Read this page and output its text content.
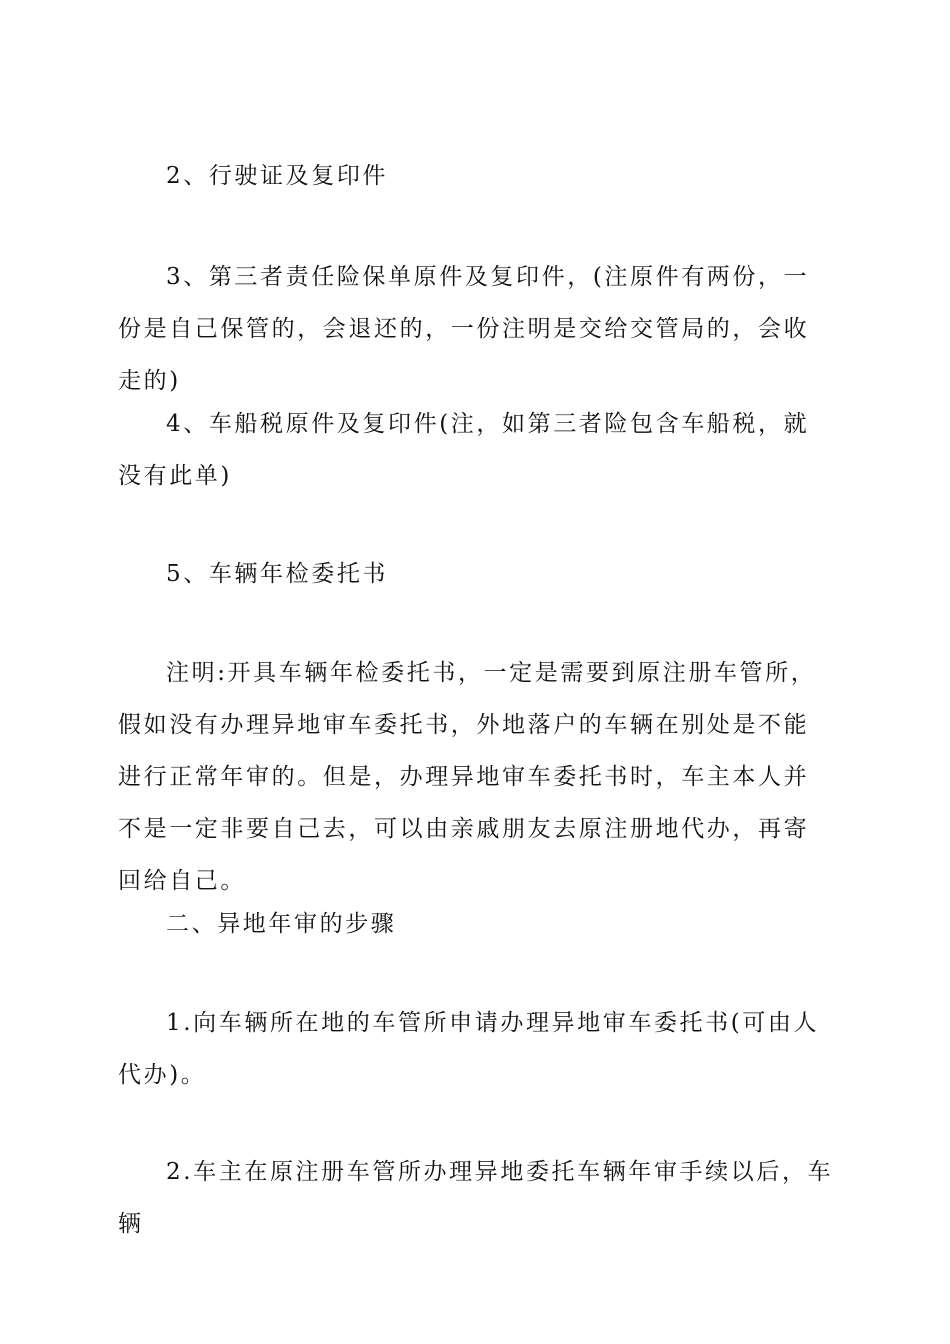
2、行驶证及复印件

3、第三者责任险保单原件及复印件，(注原件有两份，一份是自己保管的，会退还的，一份注明是交给交管局的，会收走的)

4、车船税原件及复印件(注，如第三者险包含车船税，就没有此单)

5、车辆年检委托书

注明:开具车辆年检委托书，一定是需要到原注册车管所，假如没有办理异地审车委托书，外地落户的车辆在别处是不能进行正常年审的。但是，办理异地审车委托书时，车主本人并不是一定非要自己去，可以由亲戚朋友去原注册地代办，再寄回给自己。

二、异地年审的步骤

1.向车辆所在地的车管所申请办理异地审车委托书(可由人代办)。

2.车主在原注册车管所办理异地委托车辆年审手续以后，车辆
